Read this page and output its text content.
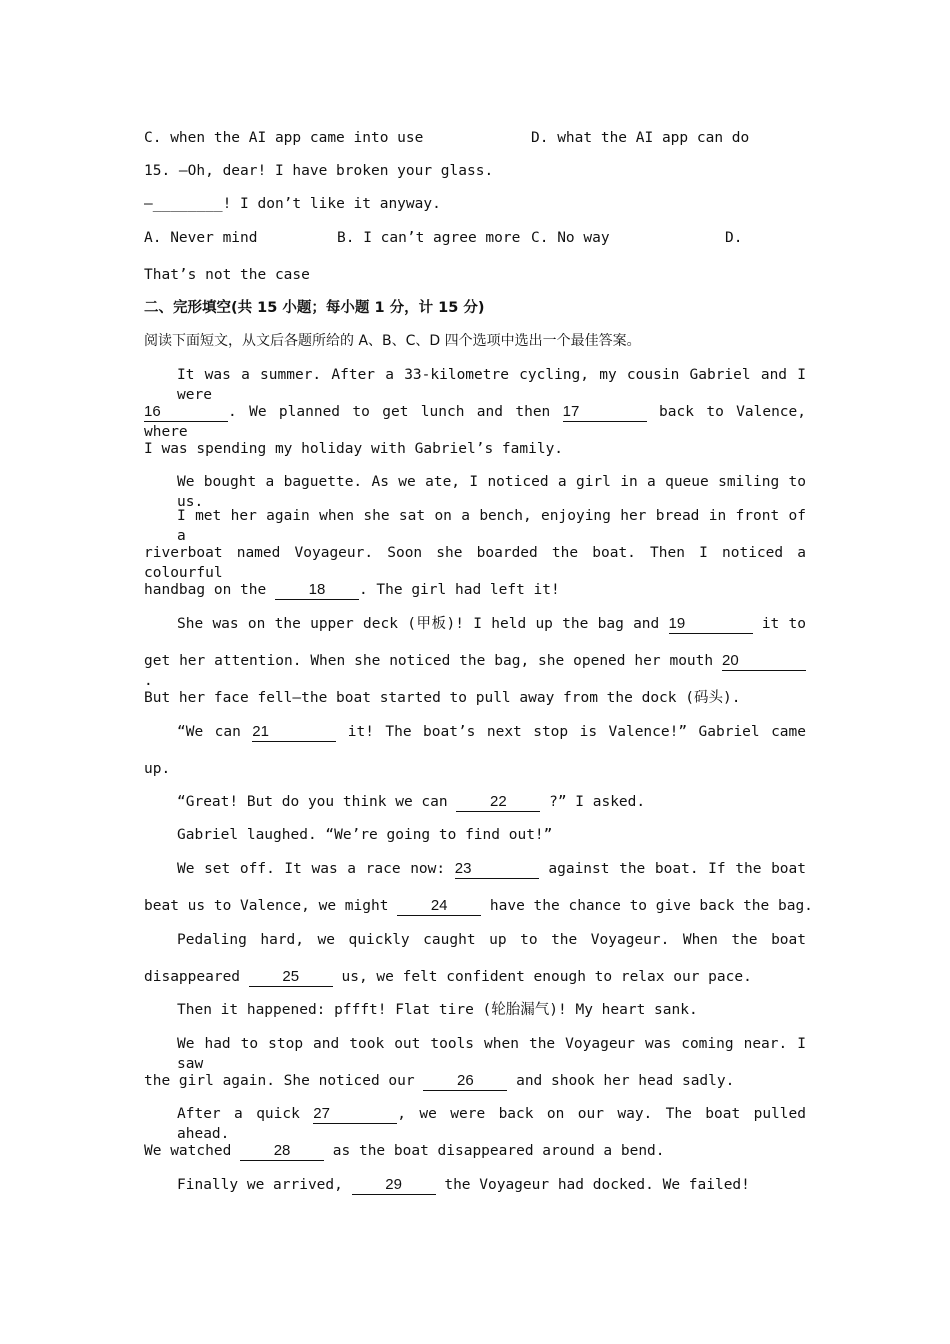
C. when the AI app came into use	D. what the AI app can do
15. —Oh, dear! I have broken your glass.
—________! I don’t like it anyway.
A. Never mind	B. I can’t agree more C. No way	D.
That’s not the case
二、完形填空(共 15 小题；每小题 1 分，计 15 分)
阅读下面短文，从文后各题所给的 A、B、C、D 四个选项中选出一个最佳答案。
It was a summer. After a 33-kilometre cycling, my cousin Gabriel and I were
16	. We planned to get lunch and then 17	back to Valence, where
I was spending my holiday with Gabriel’s family.
We bought a baguette. As we ate, I noticed a girl in a queue smiling to us.
I met her again when she sat on a bench, enjoying her bread in front of a
riverboat named Voyageur. Soon she boarded the boat. Then I noticed a colourful
handbag on the	18 . The girl had left it!
She was on the upper deck (甲板)! I held up the bag and 19	it to
get her attention. When she noticed the bag, she opened her mouth 20.
But her face fell—the boat started to pull away from the dock (码头).
“We can 21	it! The boat’s next stop is Valence!” Gabriel came
up.
“Great! But do you think we can	22	?” I asked.
Gabriel laughed. “We’re going to find out!”
We set off. It was a race now: 23	against the boat. If the boat
beat us to Valence, we might	24	have the chance to give back the bag.
Pedaling hard, we quickly caught up to the Voyageur. When the boat
disappeared	25	us, we felt confident enough to relax our pace.
Then it happened: pffft! Flat tire (轮胎漏气)! My heart sank.
We had to stop and took out tools when the Voyageur was coming near. I saw
the girl again. She noticed our	26	and shook her head sadly.
After a quick 27	, we were back on our way. The boat pulled ahead.
We watched	28	as the boat disappeared around a bend.
Finally we arrived,	29	the Voyageur had docked. We failed!
